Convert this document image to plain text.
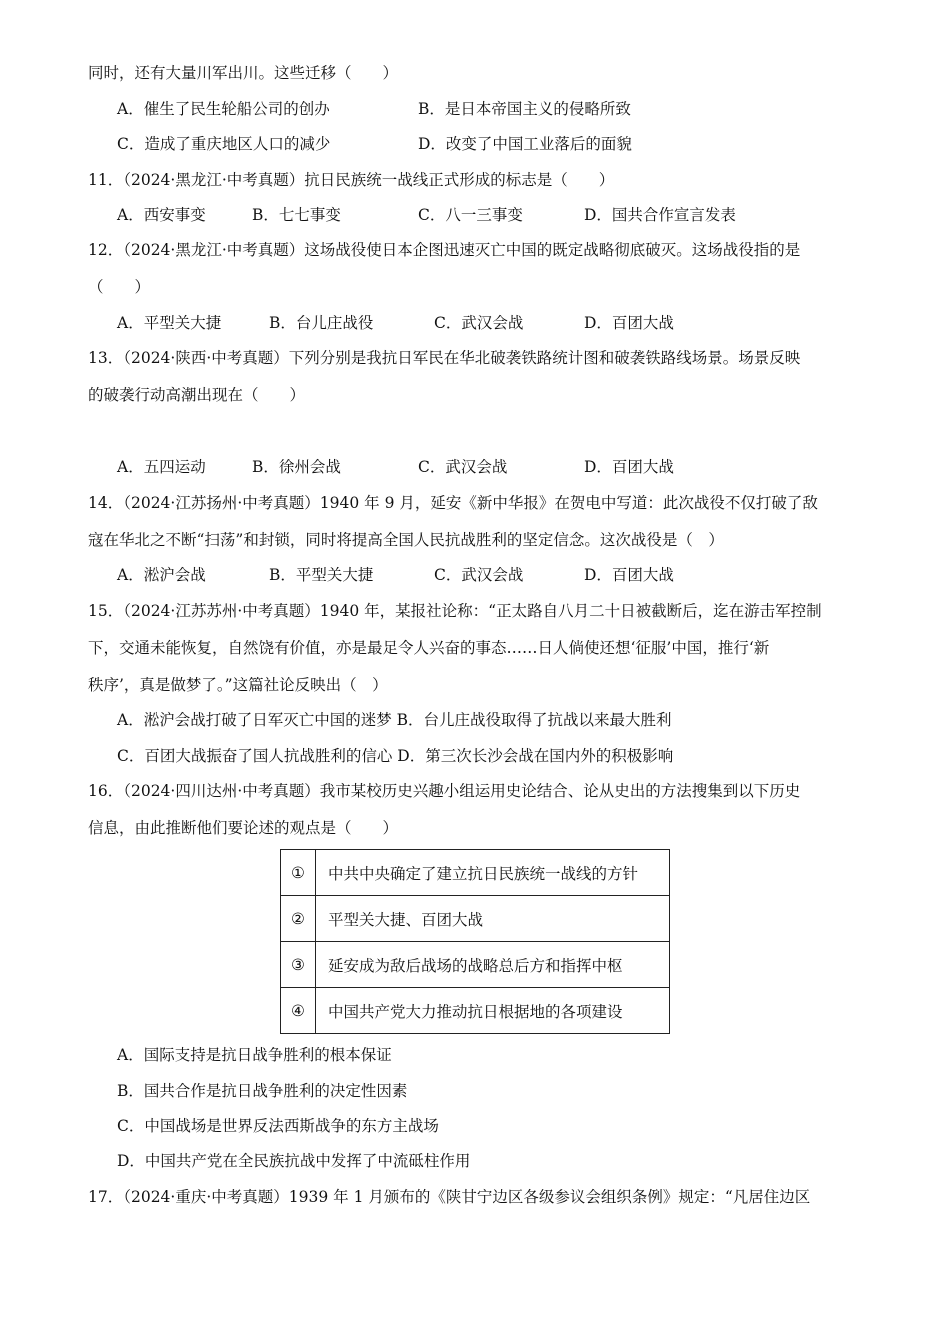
同时，还有大量川军出川。这些迁移（　　）
A．催生了民生轮船公司的创办	B．是日本帝国主义的侵略所致
C．造成了重庆地区人口的减少	D．改变了中国工业落后的面貌
11．（2024·黑龙江·中考真题）抗日民族统一战线正式形成的标志是（　　）
A．西安事变	B．七七事变	C．八一三事变	D．国共合作宣言发表
12．（2024·黑龙江·中考真题）这场战役使日本企图迅速灭亡中国的既定战略彻底破灭。这场战役指的是
（　　）
A．平型关大捷	B．台儿庄战役	C．武汉会战	D．百团大战
13．（2024·陕西·中考真题）下列分别是我抗日军民在华北破袭铁路统计图和破袭铁路线场景。场景反映
的破袭行动高潮出现在（　　）
A．五四运动	B．徐州会战	C．武汉会战	D．百团大战
14．（2024·江苏扬州·中考真题）1940 年 9 月，延安《新中华报》在贺电中写道：此次战役不仅打破了敌
寇在华北之不断“扫荡”和封锁，同时将提高全国人民抗战胜利的坚定信念。这次战役是（　）
A．淞沪会战	B．平型关大捷	C．武汉会战	D．百团大战
15．（2024·江苏苏州·中考真题）1940 年，某报社论称：“正太路自八月二十日被截断后，迄在游击军控制
下，交通未能恢复，自然饶有价值，亦是最足令人兴奋的事态……日人倘使还想‘征服’中国，推行‘新
秩序’，真是做梦了。”这篇社论反映出（　）
A．淞沪会战打破了日军灭亡中国的迷梦 B．台儿庄战役取得了抗战以来最大胜利
C．百团大战振奋了国人抗战胜利的信心 D．第三次长沙会战在国内外的积极影响
16．（2024·四川达州·中考真题）我市某校历史兴趣小组运用史论结合、论从史出的方法搜集到以下历史
信息，由此推断他们要论述的观点是（　　）
①	中共中央确定了建立抗日民族统一战线的方针
②	平型关大捷、百团大战
③	延安成为敌后战场的战略总后方和指挥中枢
④	中国共产党大力推动抗日根据地的各项建设
A．国际支持是抗日战争胜利的根本保证
B．国共合作是抗日战争胜利的决定性因素
C．中国战场是世界反法西斯战争的东方主战场
D．中国共产党在全民族抗战中发挥了中流砥柱作用
17．（2024·重庆·中考真题）1939 年 1 月颁布的《陕甘宁边区各级参议会组织条例》规定：“凡居住边区
